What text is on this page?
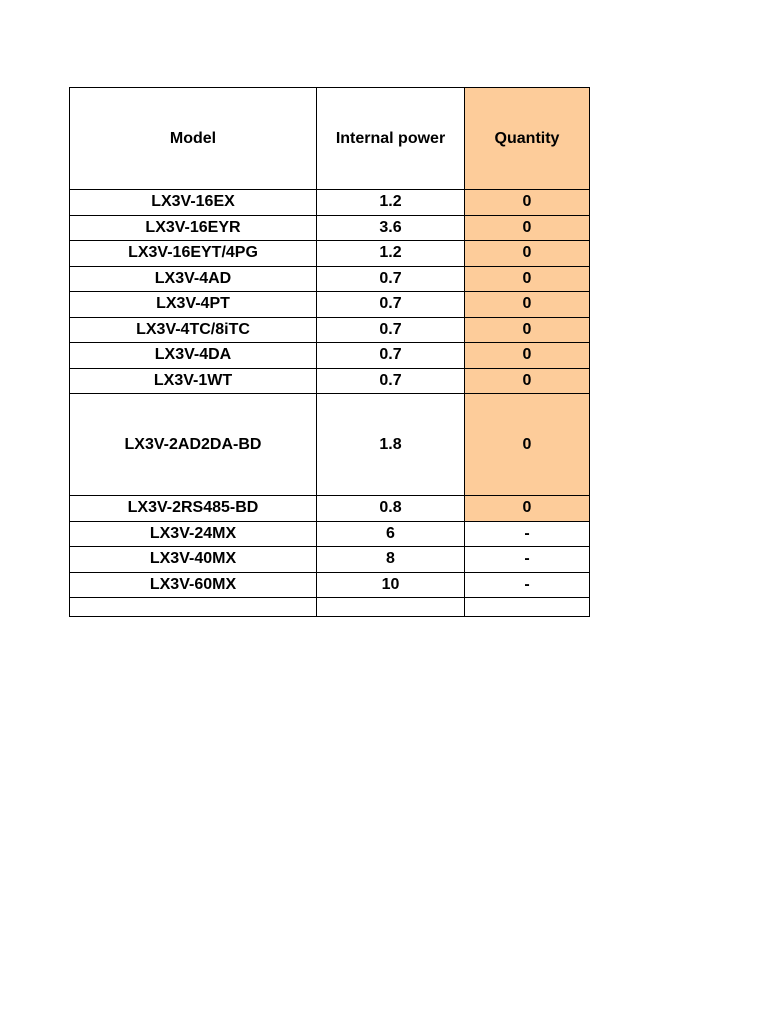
Model	Internal power	Quantity
LX3V-16EX	1.2	0
LX3V-16EYR	3.6	0
LX3V-16EYT/4PG	1.2	0
LX3V-4AD	0.7	0
LX3V-4PT	0.7	0
LX3V-4TC/8iTC	0.7	0
LX3V-4DA	0.7	0
LX3V-1WT	0.7	0
LX3V-2AD2DA-BD	1.8	0
LX3V-2RS485-BD	0.8	0
LX3V-24MX	6	-
LX3V-40MX	8	-
LX3V-60MX	10	-
